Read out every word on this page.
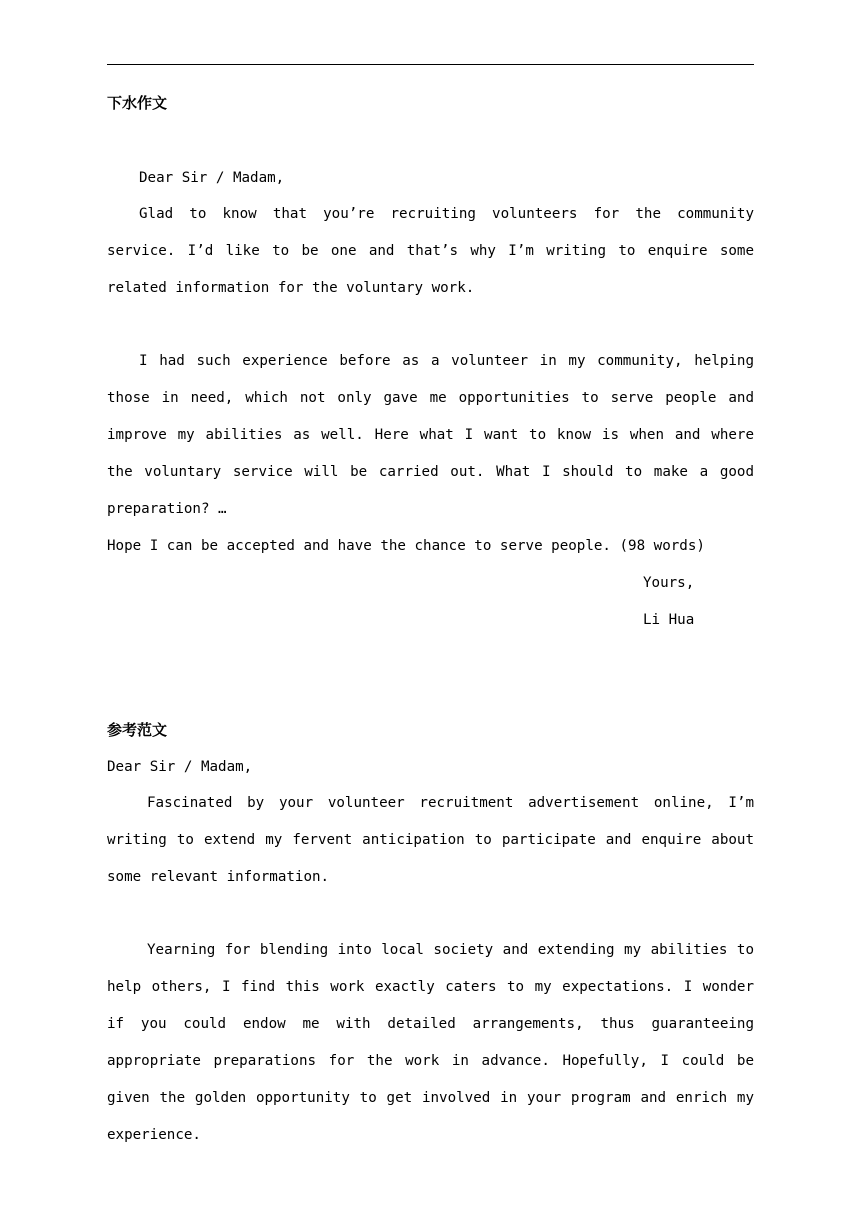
下水作文
Dear Sir / Madam,

Glad to know that you’re recruiting volunteers for the community service. I’d like to be one and that’s why I’m writing to enquire some related information for the voluntary work.

I had such experience before as a volunteer in my community, helping those in need, which not only gave me opportunities to serve people and improve my abilities as well. Here what I want to know is when and where the voluntary service will be carried out. What I should to make a good preparation? …

Hope I can be accepted and have the chance to serve people. (98 words)
Yours,
Li Hua
参考范文
Dear Sir / Madam,

Fascinated by your volunteer recruitment advertisement online, I’m writing to extend my fervent anticipation to participate and enquire about some relevant information.

Yearning for blending into local society and extending my abilities to help others, I find this work exactly caters to my expectations. I wonder if you could endow me with detailed arrangements, thus guaranteeing appropriate preparations for the work in advance. Hopefully, I could be given the golden opportunity to get involved in your program and enrich my experience.
